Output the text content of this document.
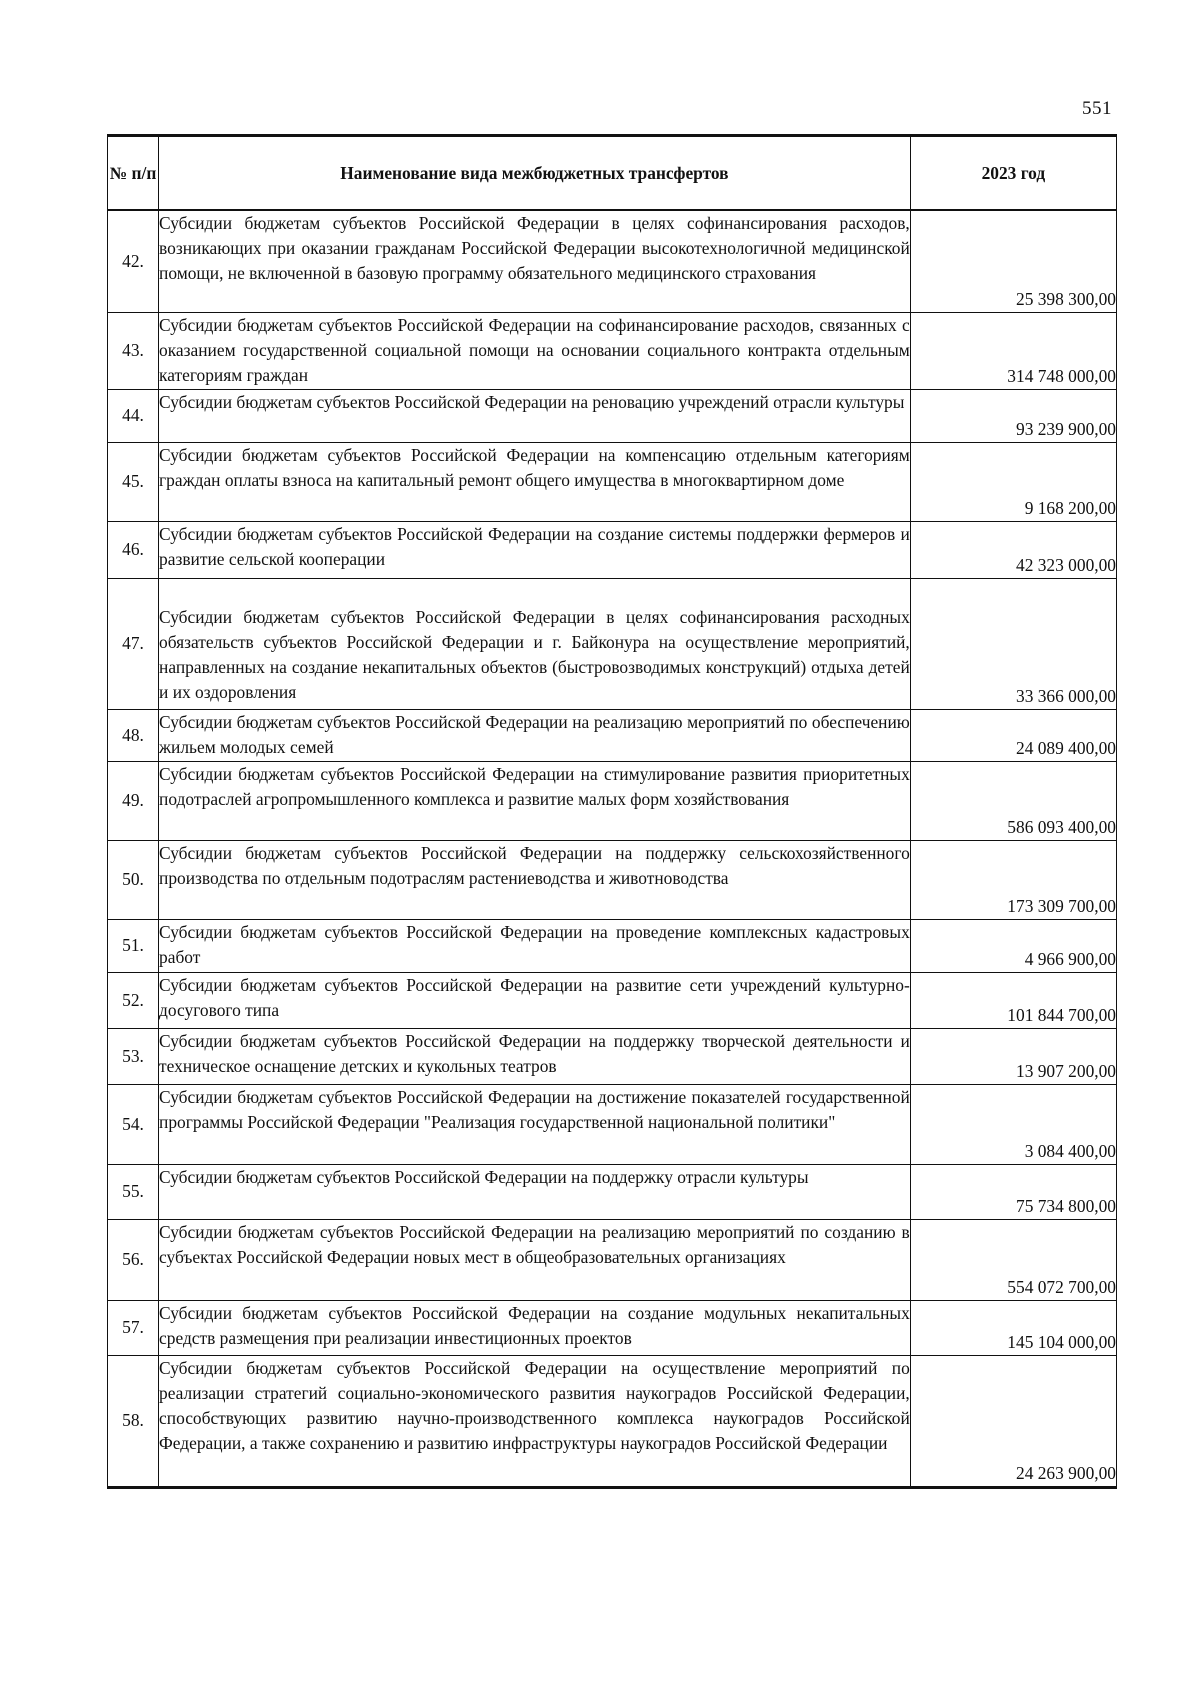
551
№ п/п	Наименование вида межбюджетных трансфертов	2023 год
42.	Субсидии бюджетам субъектов Российской Федерации в целях софинансирования расходов, возникающих при оказании гражданам Российской Федерации высокотехнологичной медицинской помощи, не включенной в базовую программу обязательного медицинского страхования	25 398 300,00
43.	Субсидии бюджетам субъектов Российской Федерации на софинансирование расходов, связанных с оказанием государственной социальной помощи на основании социального контракта отдельным категориям граждан	314 748 000,00
44.	Субсидии бюджетам субъектов Российской Федерации на реновацию учреждений отрасли культуры	93 239 900,00
45.	Субсидии бюджетам субъектов Российской Федерации на компенсацию отдельным категориям граждан оплаты взноса на капитальный ремонт общего имущества в многоквартирном доме	9 168 200,00
46.	Субсидии бюджетам субъектов Российской Федерации на создание системы поддержки фермеров и развитие сельской кооперации	42 323 000,00
47.	Субсидии бюджетам субъектов Российской Федерации в целях софинансирования расходных обязательств субъектов Российской Федерации и г. Байконура на осуществление мероприятий, направленных на создание некапитальных объектов (быстровозводимых конструкций) отдыха детей и их оздоровления	33 366 000,00
48.	Субсидии бюджетам субъектов Российской Федерации на реализацию мероприятий по обеспечению жильем молодых семей	24 089 400,00
49.	Субсидии бюджетам субъектов Российской Федерации на стимулирование развития приоритетных подотраслей агропромышленного комплекса и развитие малых форм хозяйствования	586 093 400,00
50.	Субсидии бюджетам субъектов Российской Федерации на поддержку сельскохозяйственного производства по отдельным подотраслям растениеводства и животноводства	173 309 700,00
51.	Субсидии бюджетам субъектов Российской Федерации на проведение комплексных кадастровых работ	4 966 900,00
52.	Субсидии бюджетам субъектов Российской Федерации на развитие сети учреждений культурно-досугового типа	101 844 700,00
53.	Субсидии бюджетам субъектов Российской Федерации на поддержку творческой деятельности и техническое оснащение детских и кукольных театров	13 907 200,00
54.	Субсидии бюджетам субъектов Российской Федерации на достижение показателей государственной программы Российской Федерации "Реализация государственной национальной политики"	3 084 400,00
55.	Субсидии бюджетам субъектов Российской Федерации на поддержку отрасли культуры	75 734 800,00
56.	Субсидии бюджетам субъектов Российской Федерации на реализацию мероприятий по созданию в субъектах Российской Федерации новых мест в общеобразовательных организациях	554 072 700,00
57.	Субсидии бюджетам субъектов Российской Федерации на создание модульных некапитальных средств размещения при реализации инвестиционных проектов	145 104 000,00
58.	Субсидии бюджетам субъектов Российской Федерации на осуществление мероприятий по реализации стратегий социально-экономического развития наукоградов Российской Федерации, способствующих развитию научно-производственного комплекса наукоградов Российской Федерации, а также сохранению и развитию инфраструктуры наукоградов Российской Федерации	24 263 900,00
